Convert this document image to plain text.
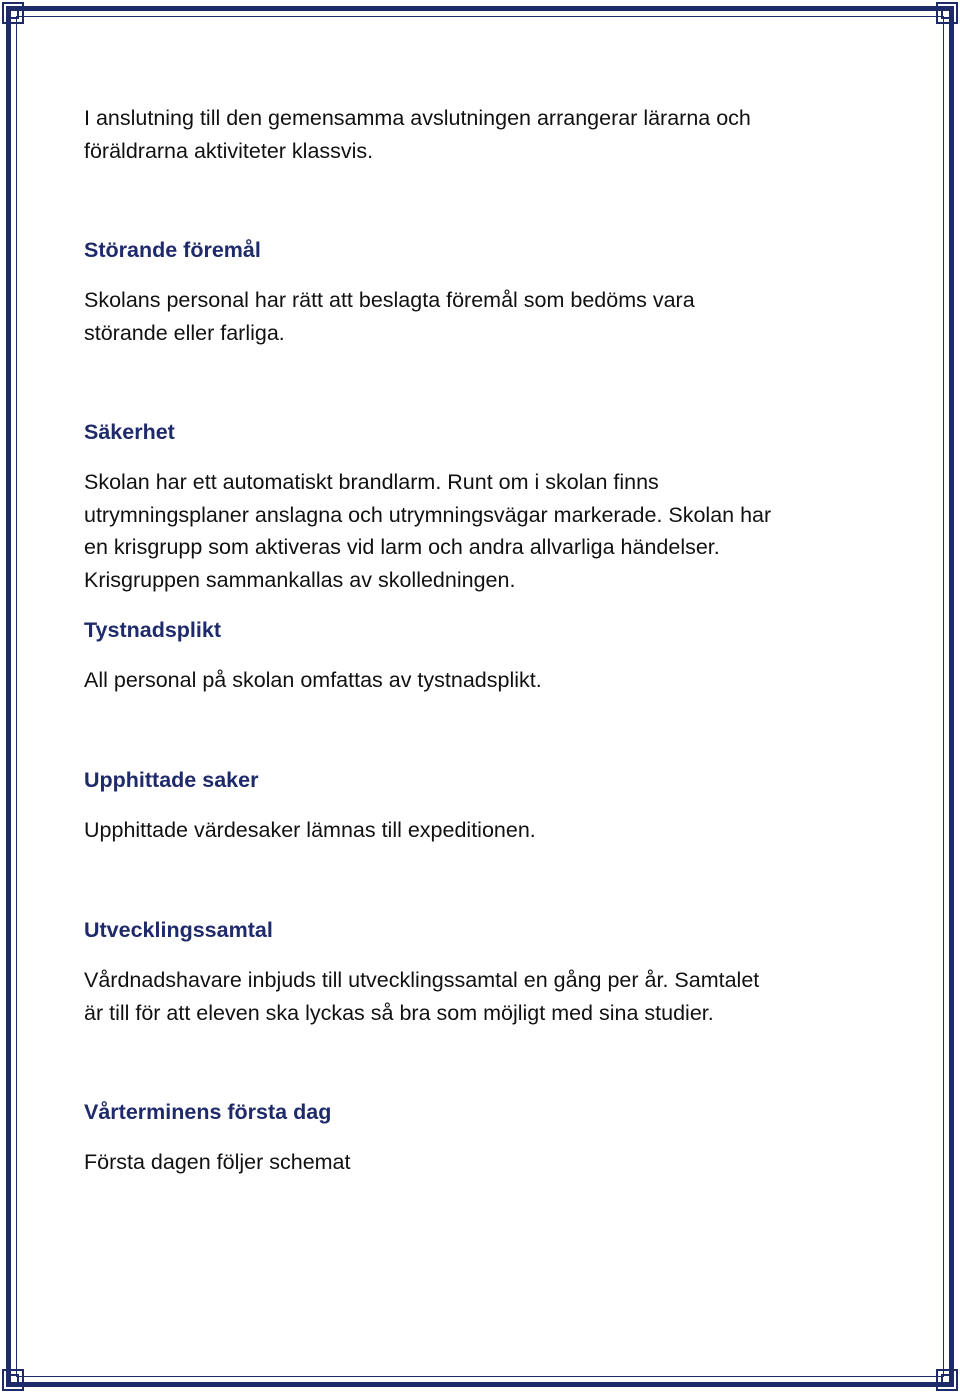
I anslutning till den gemensamma avslutningen arrangerar lärarna och

föräldrarna aktiviteter klassvis.

Störande föremål

Skolans personal har rätt att beslagta föremål som bedöms vara

störande eller farliga.

Säkerhet

Skolan har ett automatiskt brandlarm. Runt om i skolan finns

utrymningsplaner anslagna och utrymningsvägar markerade. Skolan har

en krisgrupp som aktiveras vid larm och andra allvarliga händelser.

Krisgruppen sammankallas av skolledningen.

Tystnadsplikt

All personal på skolan omfattas av tystnadsplikt.

Upphittade saker

Upphittade värdesaker lämnas till expeditionen.

Utvecklingssamtal

Vårdnadshavare inbjuds till utvecklingssamtal en gång per år. Samtalet

är till för att eleven ska lyckas så bra som möjligt med sina studier.

Vårterminens första dag

Första dagen följer schemat
